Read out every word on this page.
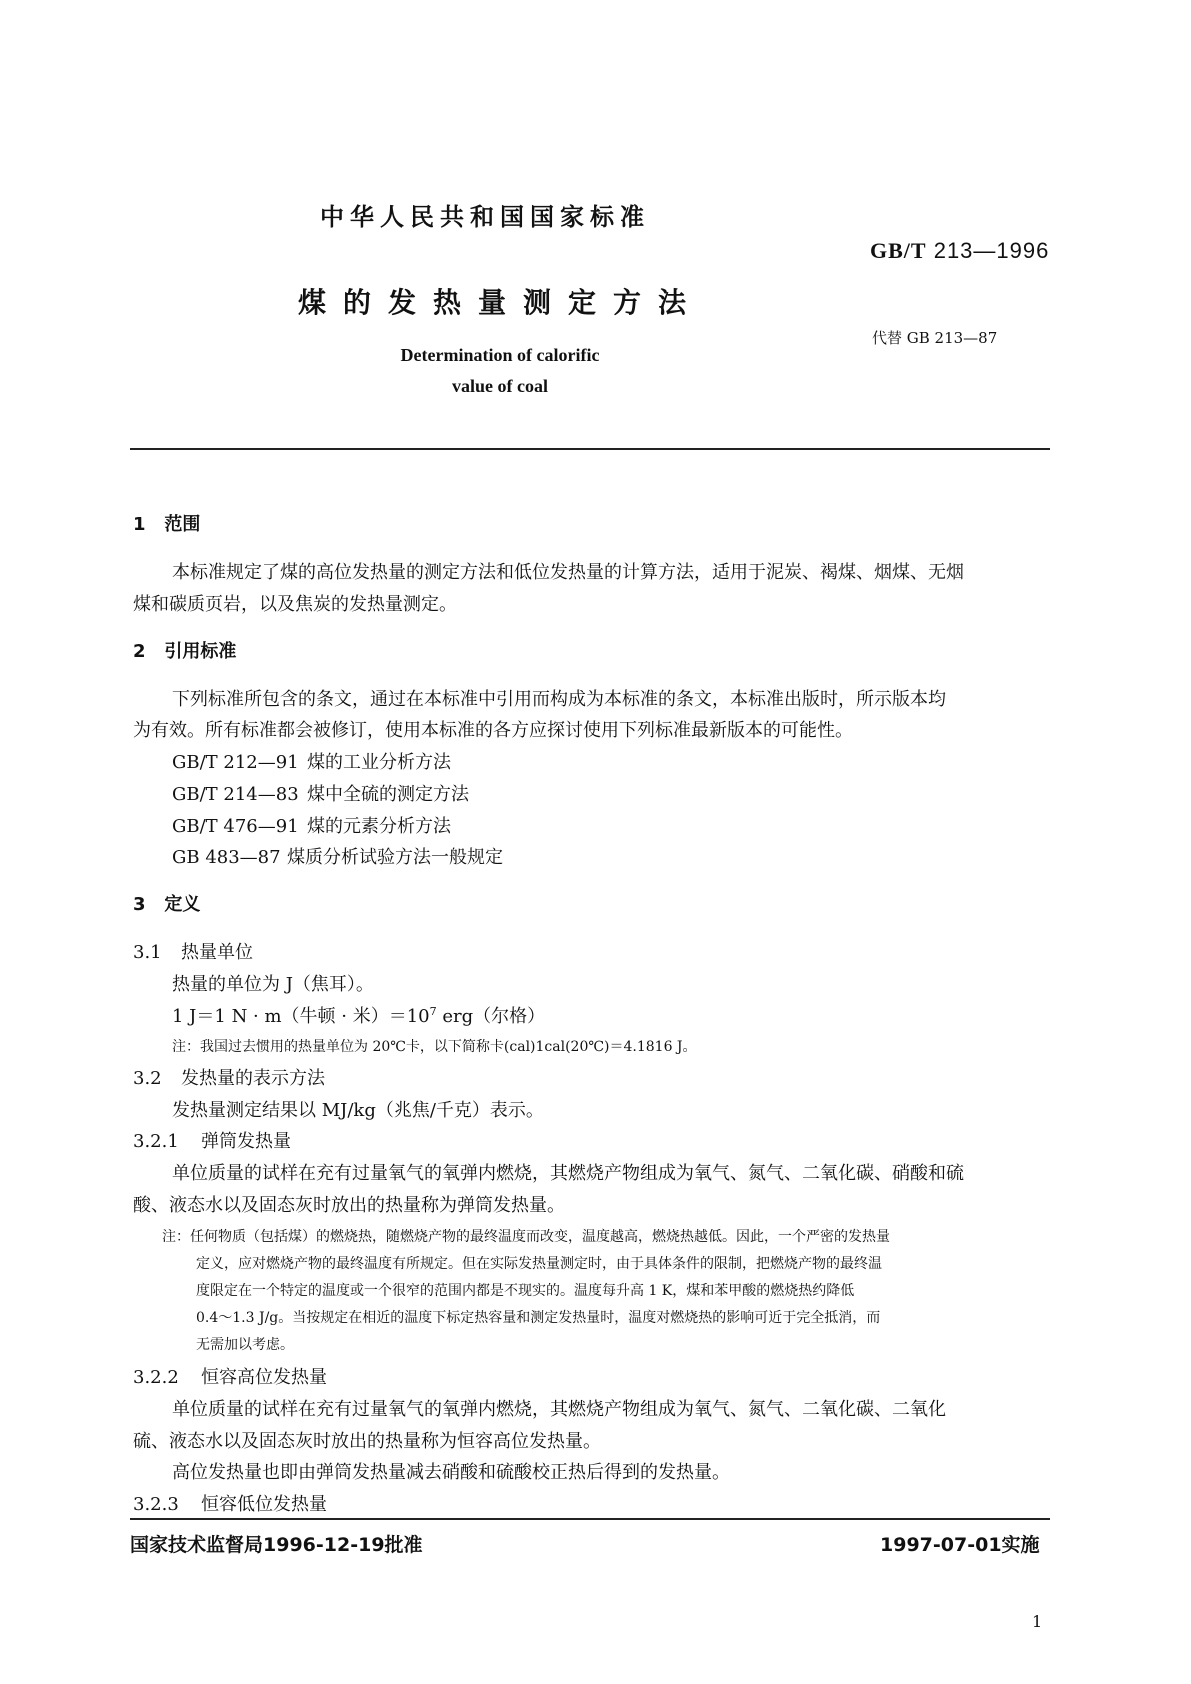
中华人民共和国国家标准
煤的发热量测定方法
Determination of calorific
value of coal
GB/T 213—1996
代替 GB 213—87
1 范围
本标准规定了煤的高位发热量的测定方法和低位发热量的计算方法，适用于泥炭、褐煤、烟煤、无烟
煤和碳质页岩，以及焦炭的发热量测定。
2 引用标准
下列标准所包含的条文，通过在本标准中引用而构成为本标准的条文，本标准出版时，所示版本均
为有效。所有标准都会被修订，使用本标准的各方应探讨使用下列标准最新版本的可能性。
GB/T 212—91 煤的工业分析方法
GB/T 214—83 煤中全硫的测定方法
GB/T 476—91 煤的元素分析方法
GB 483—87 煤质分析试验方法一般规定
3 定义
3.1 热量单位
热量的单位为 J（焦耳）。
1 J＝1 N · m（牛顿 · 米）$=10^7$ erg（尔格）
注：我国过去惯用的热量单位为 20℃卡，以下简称卡(cal)1cal(20℃)＝4.1816 J。
3.2 发热量的表示方法
发热量测定结果以 MJ/kg（兆焦/千克）表示。
3.2.1 弹筒发热量
单位质量的试样在充有过量氧气的氧弹内燃烧，其燃烧产物组成为氧气、氮气、二氧化碳、硝酸和硫
酸、液态水以及固态灰时放出的热量称为弹筒发热量。
注：任何物质（包括煤）的燃烧热，随燃烧产物的最终温度而改变，温度越高，燃烧热越低。因此，一个严密的发热量
定义，应对燃烧产物的最终温度有所规定。但在实际发热量测定时，由于具体条件的限制，把燃烧产物的最终温
度限定在一个特定的温度或一个很窄的范围内都是不现实的。温度每升高 1 K，煤和苯甲酸的燃烧热约降低
0.4～1.3 J/g。当按规定在相近的温度下标定热容量和测定发热量时，温度对燃烧热的影响可近于完全抵消，而
无需加以考虑。
3.2.2 恒容高位发热量
单位质量的试样在充有过量氧气的氧弹内燃烧，其燃烧产物组成为氧气、氮气、二氧化碳、二氧化
硫、液态水以及固态灰时放出的热量称为恒容高位发热量。
高位发热量也即由弹筒发热量减去硝酸和硫酸校正热后得到的发热量。
3.2.3 恒容低位发热量
国家技术监督局1996-12-19批准	1997-07-01实施
1
